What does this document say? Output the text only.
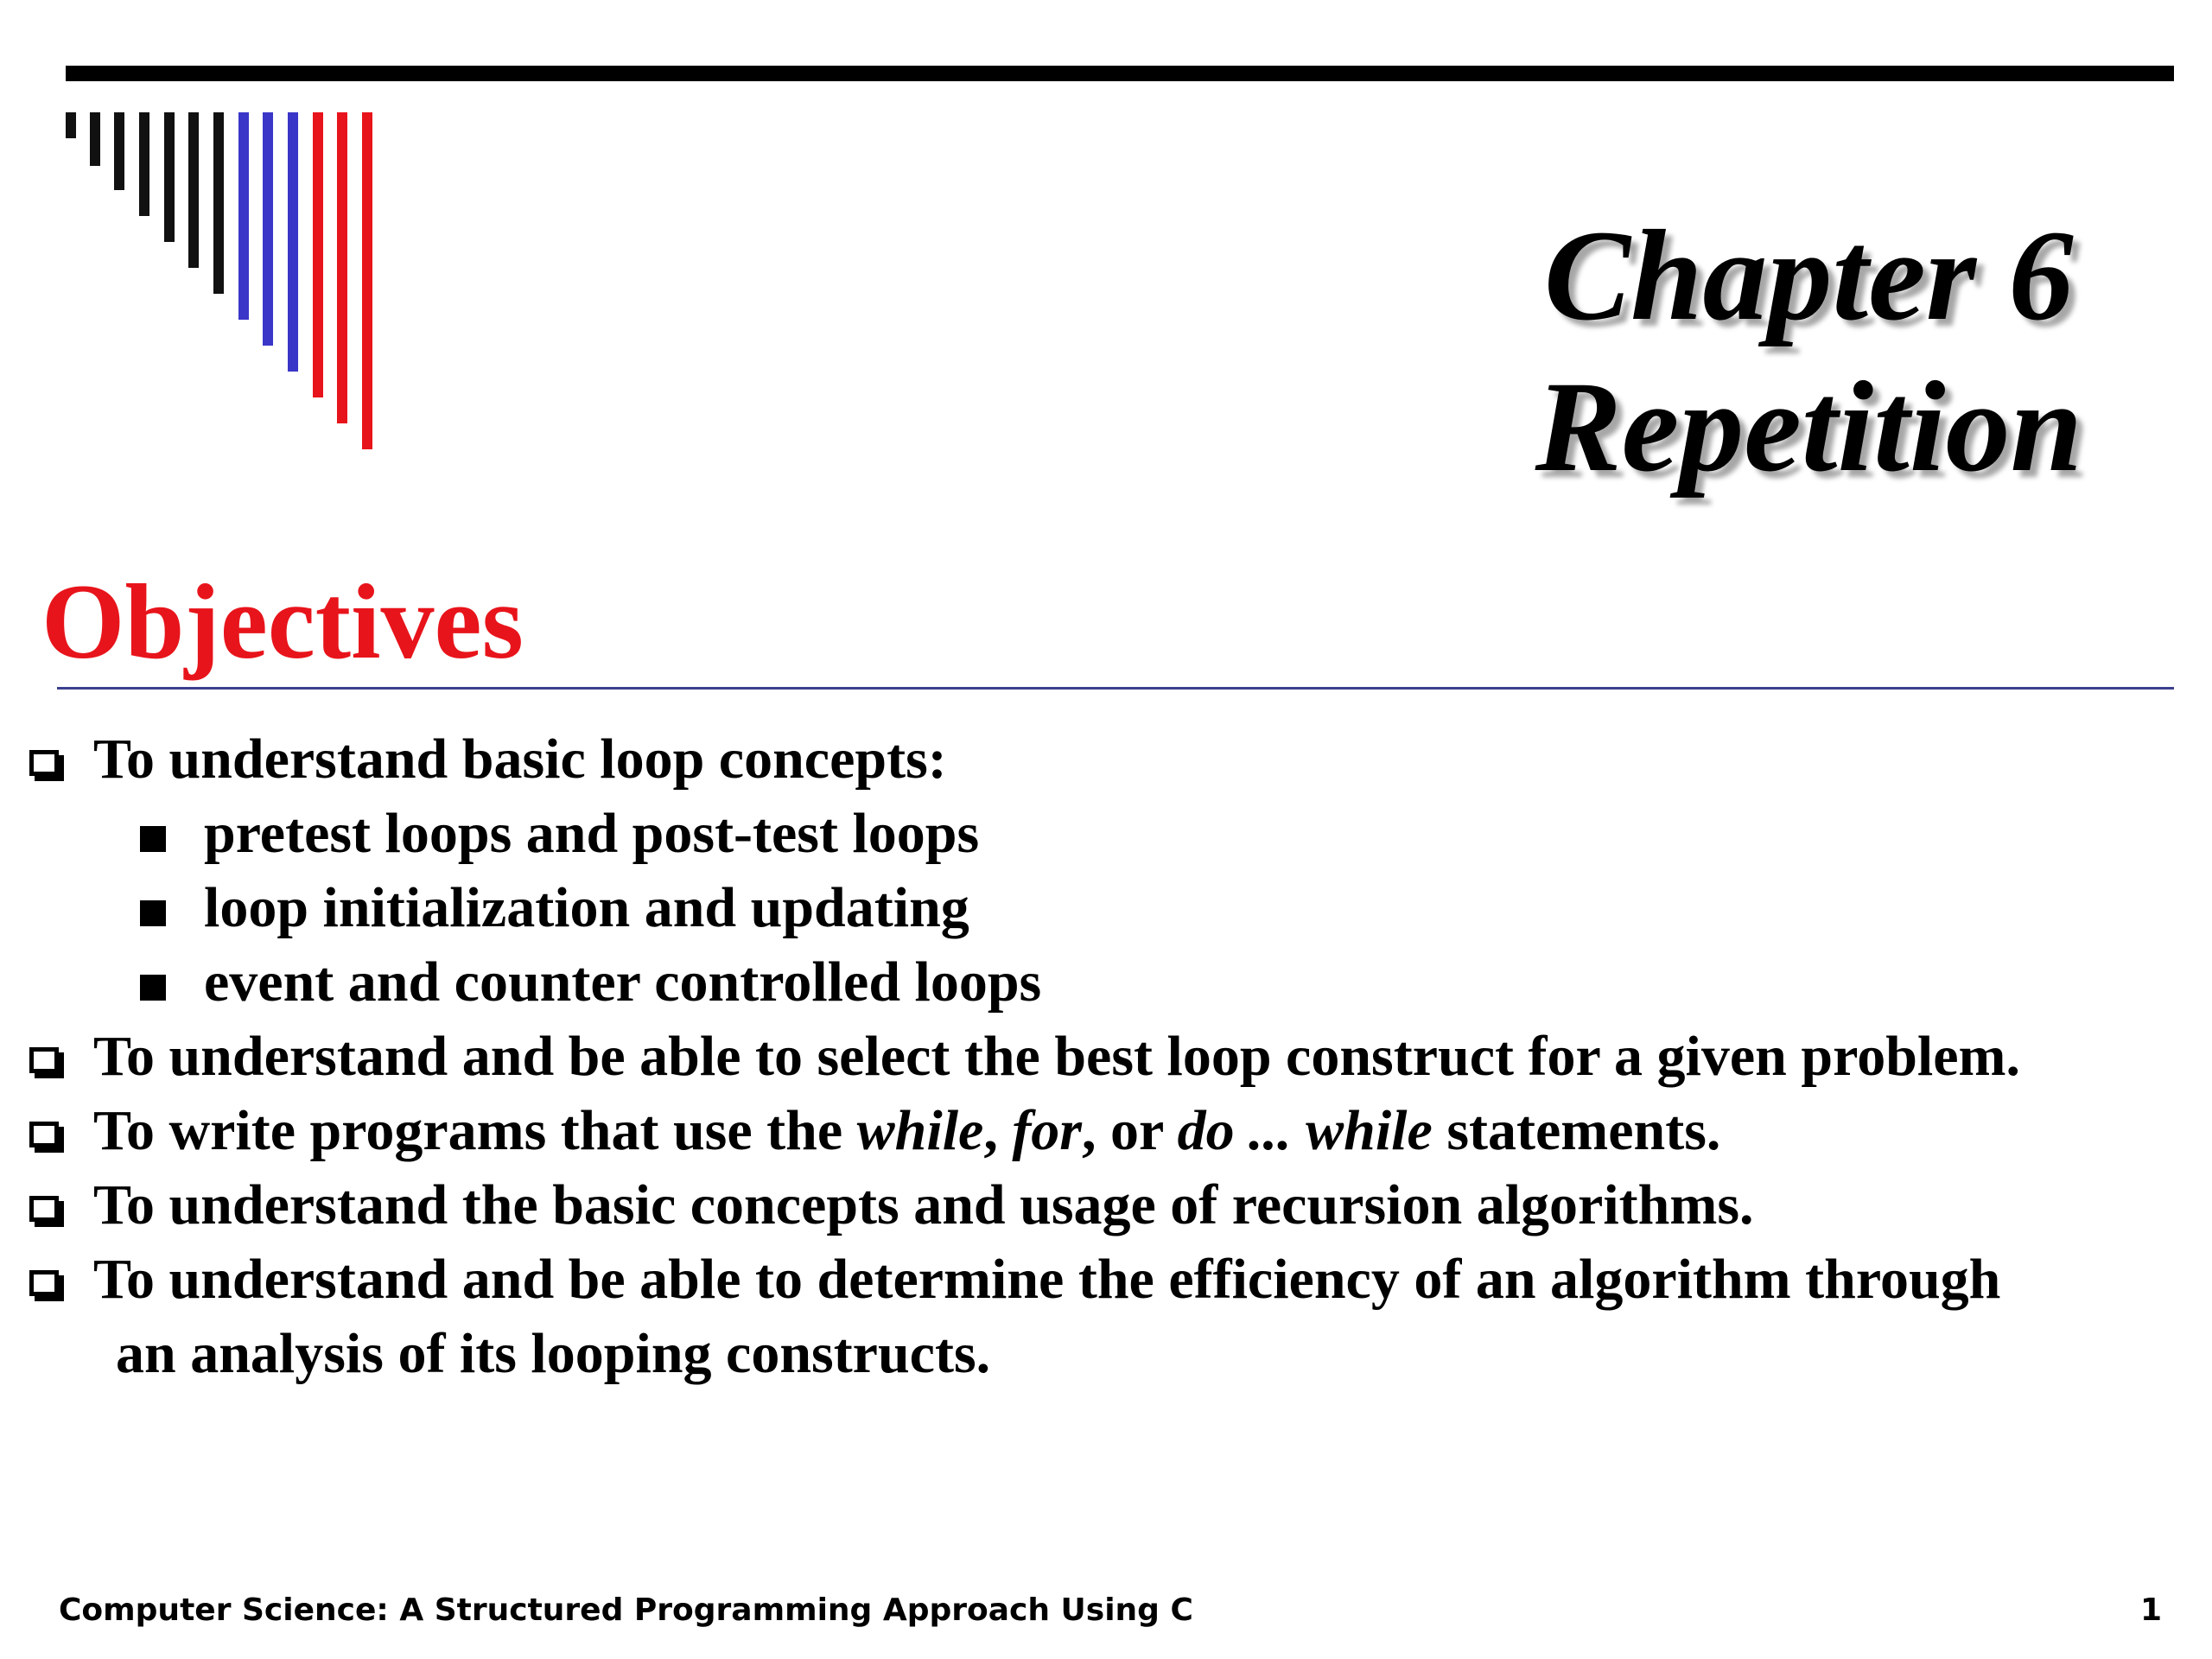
Chapter 6
Repetition
Objectives
To understand basic loop concepts:
pretest loops and post-test loops
loop initialization and updating
event and counter controlled loops
To understand and be able to select the best loop construct for a given problem.
To write programs that use the while, for, or do ... while statements.
To understand the basic concepts and usage of recursion algorithms.
To understand and be able to determine the efficiency of an algorithm through
an analysis of its looping constructs.
Computer Science: A Structured Programming Approach Using C	1
